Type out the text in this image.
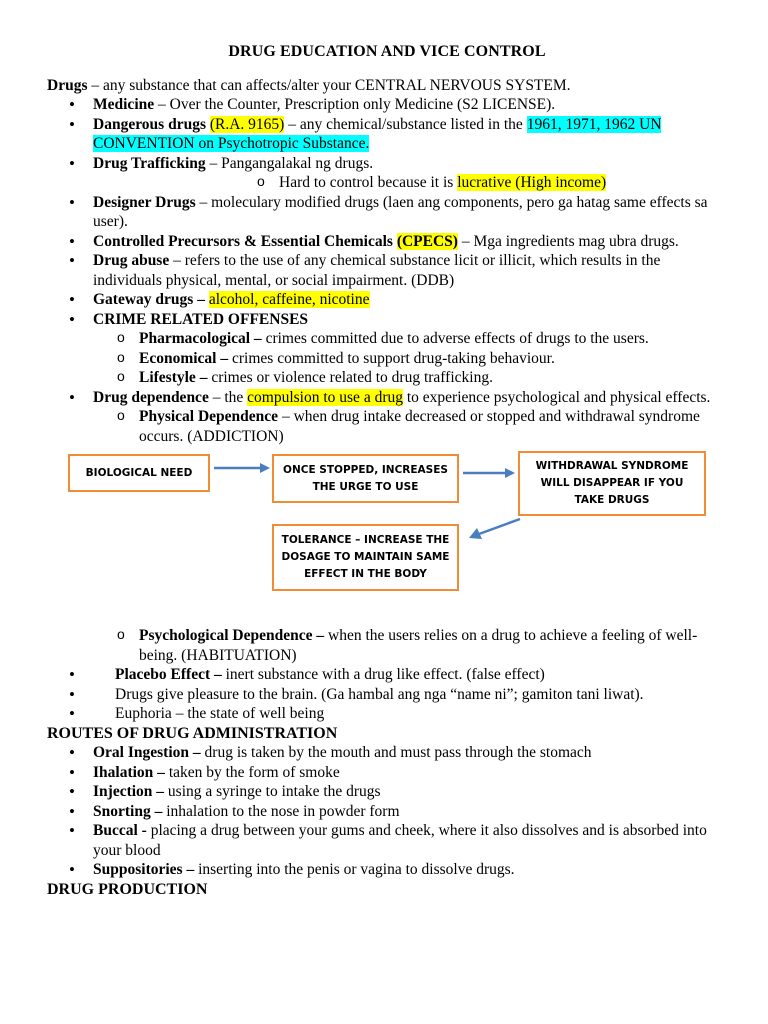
DRUG EDUCATION AND VICE CONTROL

Drugs – any substance that can affects/alter your CENTRAL NERVOUS SYSTEM.

• Medicine – Over the Counter, Prescription only Medicine (S2 LICENSE).
• Dangerous drugs (R.A. 9165) – any chemical/substance listed in the 1961, 1971, 1962 UN CONVENTION on Psychotropic Substance.
• Drug Trafficking – Pangangalakal ng drugs.
o Hard to control because it is lucrative (High income)
• Designer Drugs – moleculary modified drugs (laen ang components, pero ga hatag same effects sa user).
• Controlled Precursors & Essential Chemicals (CPECS) – Mga ingredients mag ubra drugs.
• Drug abuse – refers to the use of any chemical substance licit or illicit, which results in the individuals physical, mental, or social impairment. (DDB)
• Gateway drugs – alcohol, caffeine, nicotine
• CRIME RELATED OFFENSES
o Pharmacological – crimes committed due to adverse effects of drugs to the users.
o Economical – crimes committed to support drug-taking behaviour.
o Lifestyle – crimes or violence related to drug trafficking.
• Drug dependence – the compulsion to use a drug to experience psychological and physical effects.
o Physical Dependence – when drug intake decreased or stopped and withdrawal syndrome occurs. (ADDICTION)
BIOLOGICAL NEED	ONCE STOPPED, INCREASES THE URGE TO USE
WITHDRAWAL SYNDROME WILL DISAPPEAR IF YOU TAKE DRUGS
TOLERANCE – INCREASE THE DOSAGE TO MAINTAIN SAME EFFECT IN THE BODY
o Psychological Dependence – when the users relies on a drug to achieve a feeling of well-being. (HABITUATION)
• Placebo Effect – inert substance with a drug like effect. (false effect)
• Drugs give pleasure to the brain. (Ga hambal ang nga “name ni”; gamiton tani liwat).
• Euphoria – the state of well being

ROUTES OF DRUG ADMINISTRATION

• Oral Ingestion – drug is taken by the mouth and must pass through the stomach
• Ihalation – taken by the form of smoke
• Injection – using a syringe to intake the drugs
• Snorting – inhalation to the nose in powder form
• Buccal - placing a drug between your gums and cheek, where it also dissolves and is absorbed into your blood
• Suppositories – inserting into the penis or vagina to dissolve drugs.

DRUG PRODUCTION
